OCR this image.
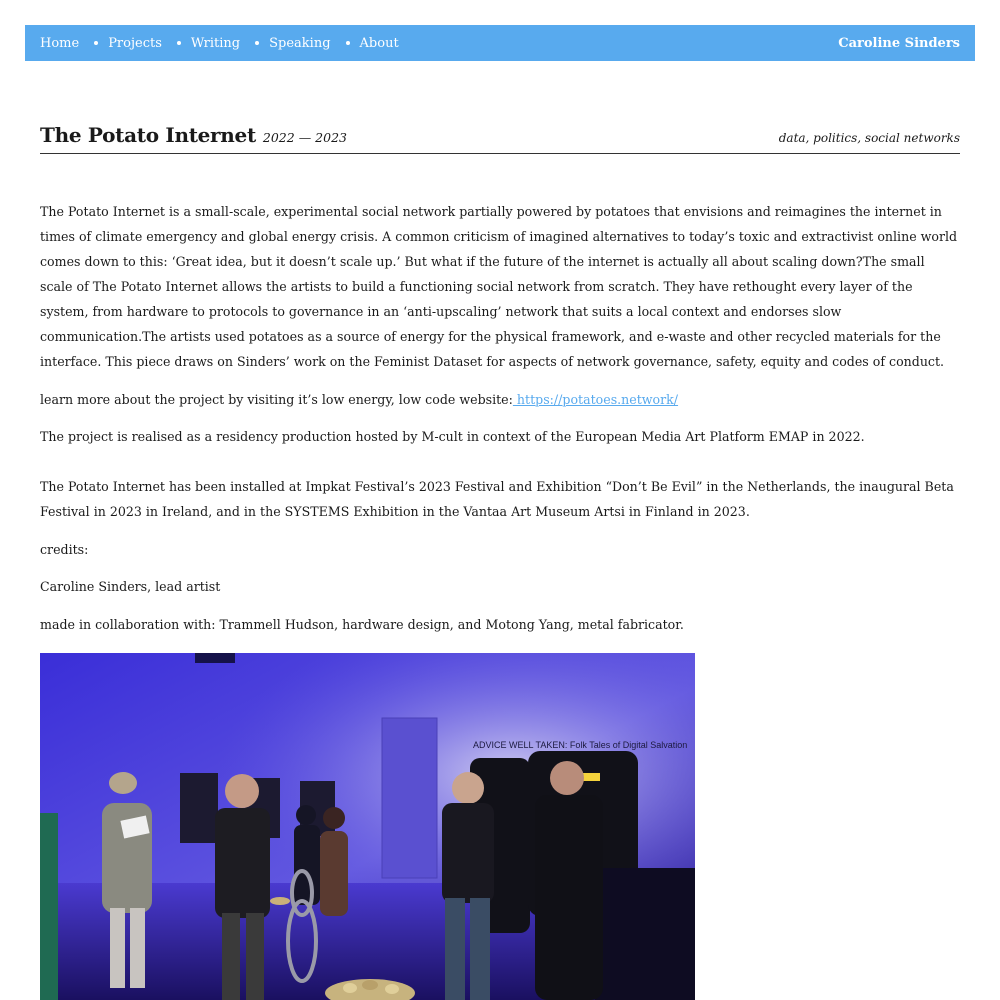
Home Projects Writing Speaking About	Caroline Sinders
The Potato Internet 2022 — 2023	data, politics, social networks

The Potato Internet is a small-scale, experimental social network partially powered by potatoes that envisions and reimagines the internet in times of climate emergency and global energy crisis. A common criticism of imagined alternatives to today’s toxic and extractivist online world comes down to this: ‘Great idea, but it doesn’t scale up.’ But what if the future of the internet is actually all about scaling down?The small scale of The Potato Internet allows the artists to build a functioning social network from scratch. They have rethought every layer of the system, from hardware to protocols to governance in an ‘anti-upscaling’ network that suits a local context and endorses slow communication.The artists used potatoes as a source of energy for the physical framework, and e-waste and other recycled materials for the interface. This piece draws on Sinders’ work on the Feminist Dataset for aspects of network governance, safety, equity and codes of conduct.

learn more about the project by visiting it’s low energy, low code website: https://potatoes.network/

The project is realised as a residency production hosted by M-cult in context of the European Media Art Platform EMAP in 2022.

The Potato Internet has been installed at Impkat Festival’s 2023 Festival and Exhibition “Don’t Be Evil” in the Netherlands, the inaugural Beta Festival in 2023 in Ireland, and in the SYSTEMS Exhibition in the Vantaa Art Museum Artsi in Finland in 2023.

credits:

Caroline Sinders, lead artist

made in collaboration with: Trammell Hudson, hardware design, and Motong Yang, metal fabricator.

ADVICE WELL TAKEN: Folk Tales of Digital Salvation
